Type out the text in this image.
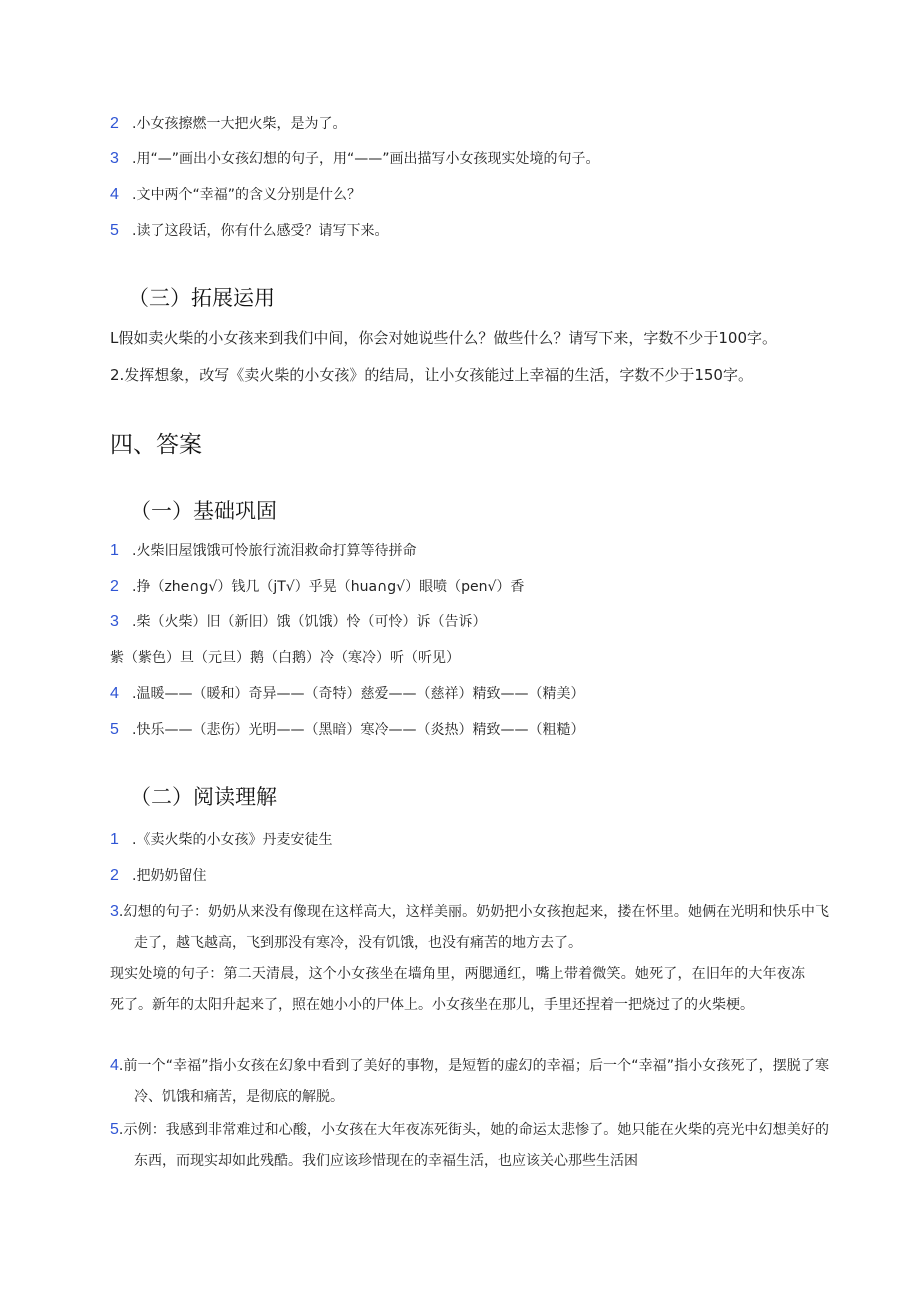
2 .小女孩擦燃一大把火柴，是为了。
3 .用“—”画出小女孩幻想的句子，用“——”画出描写小女孩现实处境的句子。
4 .文中两个“幸福”的含义分别是什么？
5 .读了这段话，你有什么感受？请写下来。
（三）拓展运用
L假如卖火柴的小女孩来到我们中间，你会对她说些什么？做些什么？请写下来，字数不少于100字。
2.发挥想象，改写《卖火柴的小女孩》的结局，让小女孩能过上幸福的生活，字数不少于150字。
四、答案
（一）基础巩固
1 .火柴旧屋饿饿可怜旅行流泪救命打算等待拼命
2 .挣（zhe∩g√）钱几（jT√）乎晃（hua∩g√）眼喷（pen√）香
3 .柴（火柴）旧（新旧）饿（饥饿）怜（可怜）诉（告诉）
紫（紫色）旦（元旦）鹅（白鹅）冷（寒冷）听（听见）
4 .温暖——（暖和）奇异——（奇特）慈爱——（慈祥）精致——（精美）
5 .快乐——（悲伤）光明——（黑暗）寒冷——（炎热）精致——（粗糙）
（二）阅读理解
1 .《卖火柴的小女孩》丹麦安徒生
2 .把奶奶留住
3.幻想的句子：奶奶从来没有像现在这样高大，这样美丽。奶奶把小女孩抱起来，搂在怀里。她俩在光明和快乐中飞走了，越飞越高，飞到那没有寒冷，没有饥饿，也没有痛苦的地方去了。
现实处境的句子：第二天清晨，这个小女孩坐在墙角里，两腮通红，嘴上带着微笑。她死了，在旧年的大年夜冻死了。新年的太阳升起来了，照在她小小的尸体上。小女孩坐在那儿，手里还捏着一把烧过了的火柴梗。
4.前一个“幸福”指小女孩在幻象中看到了美好的事物，是短暂的虚幻的幸福；后一个“幸福”指小女孩死了，摆脱了寒冷、饥饿和痛苦，是彻底的解脱。
5.示例：我感到非常难过和心酸，小女孩在大年夜冻死街头，她的命运太悲惨了。她只能在火柴的亮光中幻想美好的东西，而现实却如此残酷。我们应该珍惜现在的幸福生活，也应该关心那些生活困
